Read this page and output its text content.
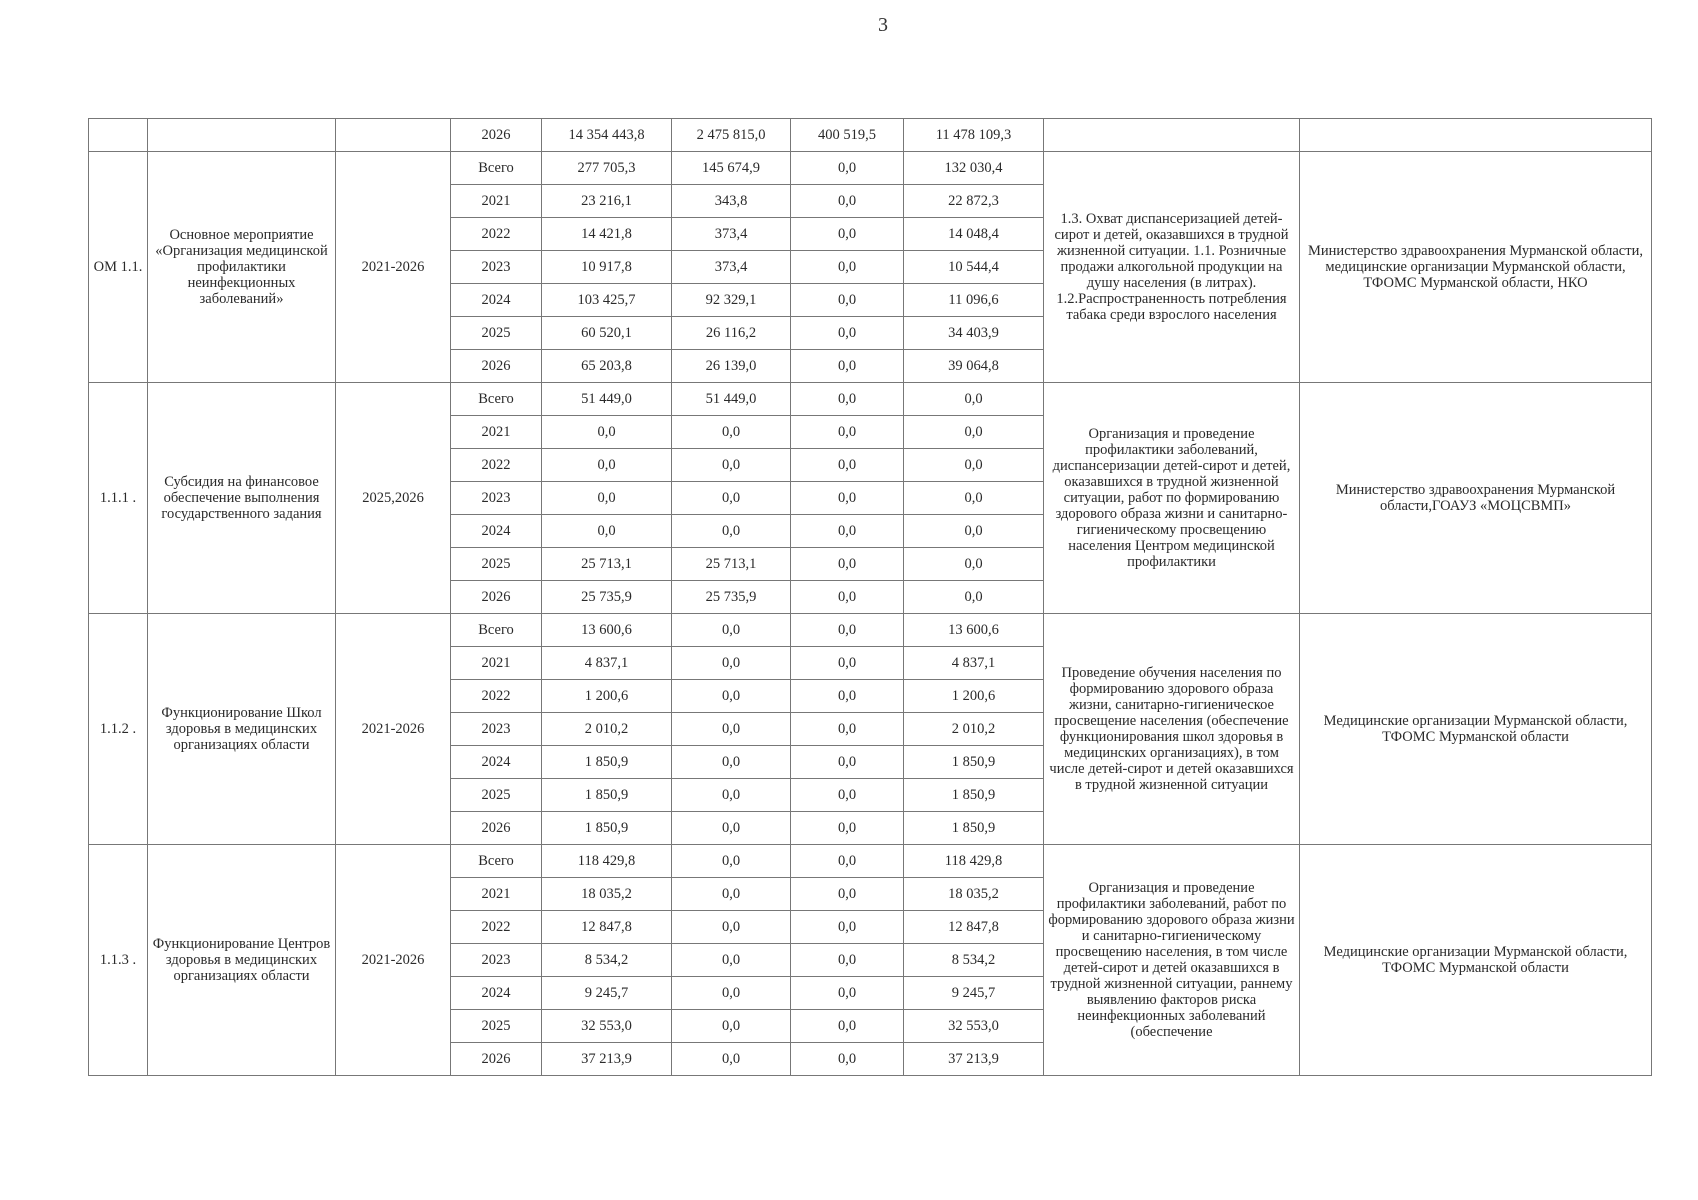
3
			2026	14 354 443,8	2 475 815,0	400 519,5	11 478 109,3		
ОМ 1.1.	Основное мероприятие «Организация медицинской профилактики неинфекционных заболеваний»	2021-2026	Всего	277 705,3	145 674,9	0,0	132 030,4	1.3. Охват диспансеризацией детей-сирот и детей, оказавшихся в трудной жизненной ситуации. 1.1. Розничные продажи алкогольной продукции на душу населения (в литрах). 1.2.Распространенность потребления табака среди взрослого населения	Министерство здравоохранения Мурманской области, медицинские организации Мурманской области, ТФОМС Мурманской области, НКО
			2021	23 216,1	343,8	0,0	22 872,3		
			2022	14 421,8	373,4	0,0	14 048,4		
			2023	10 917,8	373,4	0,0	10 544,4		
			2024	103 425,7	92 329,1	0,0	11 096,6		
			2025	60 520,1	26 116,2	0,0	34 403,9		
			2026	65 203,8	26 139,0	0,0	39 064,8		
1.1.1 .	Субсидия на финансовое обеспечение выполнения государственного задания	2025,2026	Всего	51 449,0	51 449,0	0,0	0,0	Организация и проведение профилактики заболеваний, диспансеризации детей-сирот и детей, оказавшихся в трудной жизненной ситуации, работ по формированию здорового образа жизни и санитарно-гигиеническому просвещению населения Центром медицинской профилактики	Министерство здравоохранения Мурманской области,ГОАУЗ «МОЦСВМП»
			2021	0,0	0,0	0,0	0,0		
			2022	0,0	0,0	0,0	0,0		
			2023	0,0	0,0	0,0	0,0		
			2024	0,0	0,0	0,0	0,0		
			2025	25 713,1	25 713,1	0,0	0,0		
			2026	25 735,9	25 735,9	0,0	0,0		
1.1.2 .	Функционирование Школ здоровья в медицинских организациях области	2021-2026	Всего	13 600,6	0,0	0,0	13 600,6	Проведение обучения населения по формированию здорового образа жизни, санитарно-гигиеническое просвещение населения (обеспечение функционирования школ здоровья в медицинских организациях), в том числе детей-сирот и детей оказавшихся в трудной жизненной ситуации	Медицинские организации Мурманской области, ТФОМС Мурманской области
			2021	4 837,1	0,0	0,0	4 837,1		
			2022	1 200,6	0,0	0,0	1 200,6		
			2023	2 010,2	0,0	0,0	2 010,2		
			2024	1 850,9	0,0	0,0	1 850,9		
			2025	1 850,9	0,0	0,0	1 850,9		
			2026	1 850,9	0,0	0,0	1 850,9		
1.1.3 .	Функционирование Центров здоровья в медицинских организациях области	2021-2026	Всего	118 429,8	0,0	0,0	118 429,8	Организация и проведение профилактики заболеваний, работ по формированию здорового образа жизни и санитарно-гигиеническому просвещению населения, в том числе детей-сирот и детей оказавшихся в трудной жизненной ситуации, раннему выявлению факторов риска неинфекционных заболеваний (обеспечение	Медицинские организации Мурманской области, ТФОМС Мурманской области
			2021	18 035,2	0,0	0,0	18 035,2		
			2022	12 847,8	0,0	0,0	12 847,8		
			2023	8 534,2	0,0	0,0	8 534,2		
			2024	9 245,7	0,0	0,0	9 245,7		
			2025	32 553,0	0,0	0,0	32 553,0		
			2026	37 213,9	0,0	0,0	37 213,9		
